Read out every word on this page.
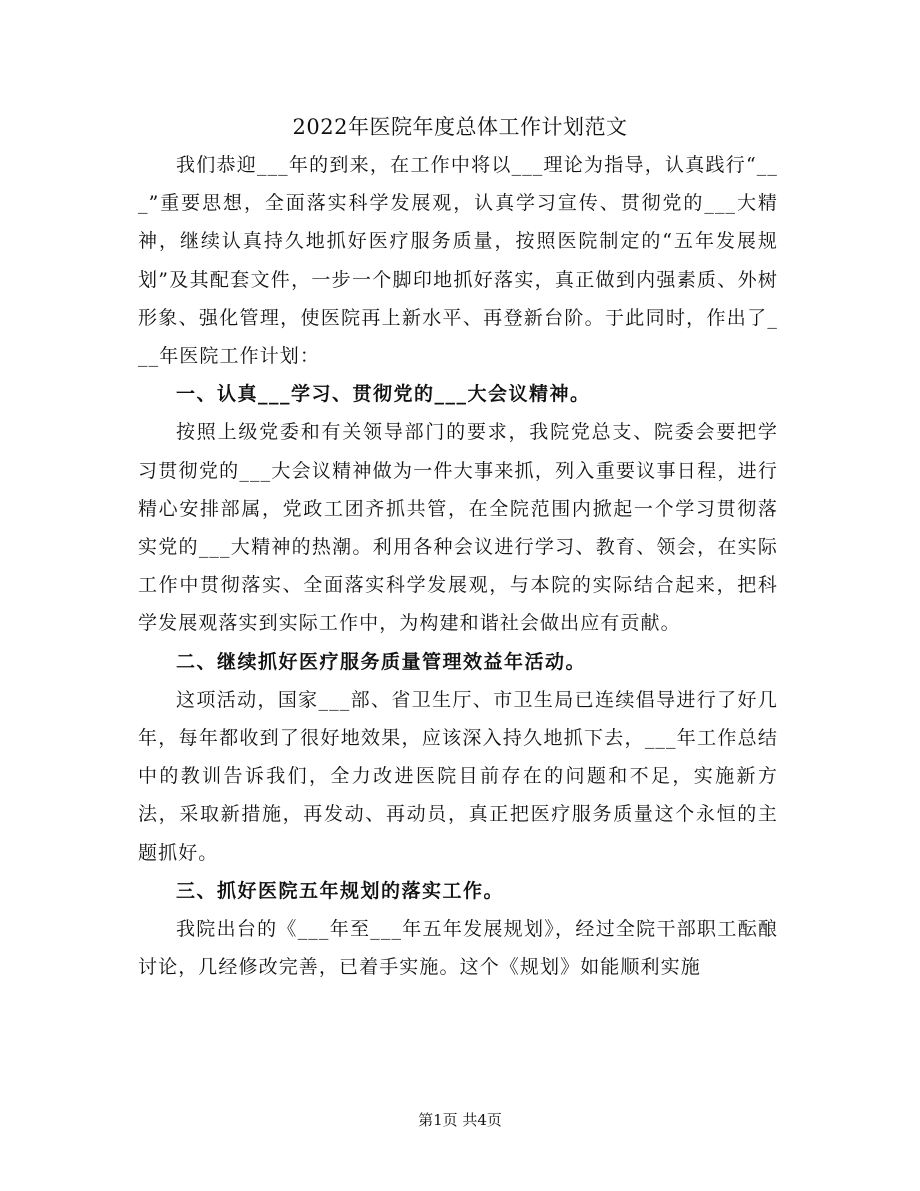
2022年医院年度总体工作计划范文

我们恭迎___年的到来，在工作中将以___理论为指导，认真践行“___”重要思想，全面落实科学发展观，认真学习宣传、贯彻党的___大精神，继续认真持久地抓好医疗服务质量，按照医院制定的“五年发展规划”及其配套文件，一步一个脚印地抓好落实，真正做到内强素质、外树形象、强化管理，使医院再上新水平、再登新台阶。于此同时，作出了___年医院工作计划：

一、认真___学习、贯彻党的___大会议精神。

按照上级党委和有关领导部门的要求，我院党总支、院委会要把学习贯彻党的___大会议精神做为一件大事来抓，列入重要议事日程，进行精心安排部属，党政工团齐抓共管，在全院范围内掀起一个学习贯彻落实党的___大精神的热潮。利用各种会议进行学习、教育、领会，在实际工作中贯彻落实、全面落实科学发展观，与本院的实际结合起来，把科学发展观落实到实际工作中，为构建和谐社会做出应有贡献。

二、继续抓好医疗服务质量管理效益年活动。

这项活动，国家___部、省卫生厅、市卫生局已连续倡导进行了好几年，每年都收到了很好地效果，应该深入持久地抓下去，___年工作总结中的教训告诉我们，全力改进医院目前存在的问题和不足，实施新方法，采取新措施，再发动、再动员，真正把医疗服务质量这个永恒的主题抓好。

三、抓好医院五年规划的落实工作。

我院出台的《___年至___年五年发展规划》，经过全院干部职工酝酿讨论，几经修改完善，已着手实施。这个《规划》如能顺利实施

第1页 共4页
